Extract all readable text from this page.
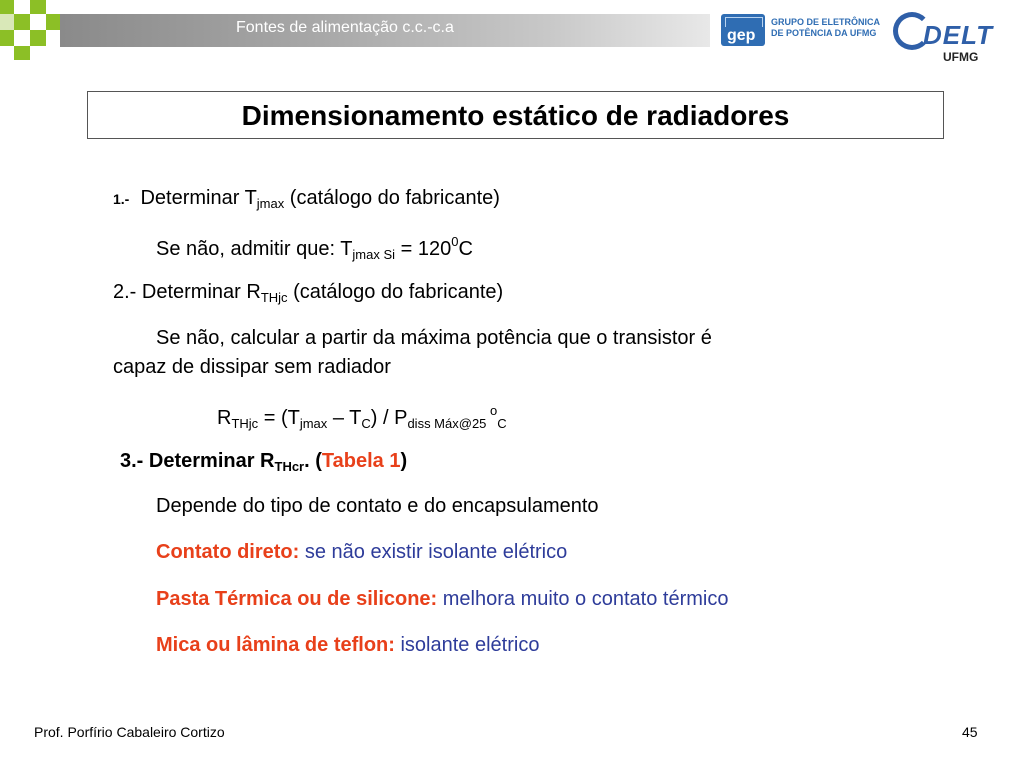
Fontes de alimentação c.c.-c.a	gep
GRUPO DE ELETRÔNICA
DE POTÊNCIA DA UFMG DELT
UFMG
Dimensionamento estático de radiadores
1.- Determinar $T_{jmax}$ (catálogo do fabricante)
Se não, admitir que: $T_{jmax Si} = 120^0C$
2.- Determinar $R_{THjc}$ (catálogo do fabricante)
Se não, calcular a partir da máxima potência que o transistor é
capaz de dissipar sem radiador
$R_{THjc} = (T_{jmax} - T_C) / P_{diss Máx@25}$ $^o_C$
3.- Determinar $R_{THcr}$. (Tabela 1)
Depende do tipo de contato e do encapsulamento
Contato direto: se não existir isolante elétrico
Pasta Térmica ou de silicone: melhora muito o contato térmico
Mica ou lâmina de teflon: isolante elétrico
Prof. Porfírio Cabaleiro Cortizo	45
